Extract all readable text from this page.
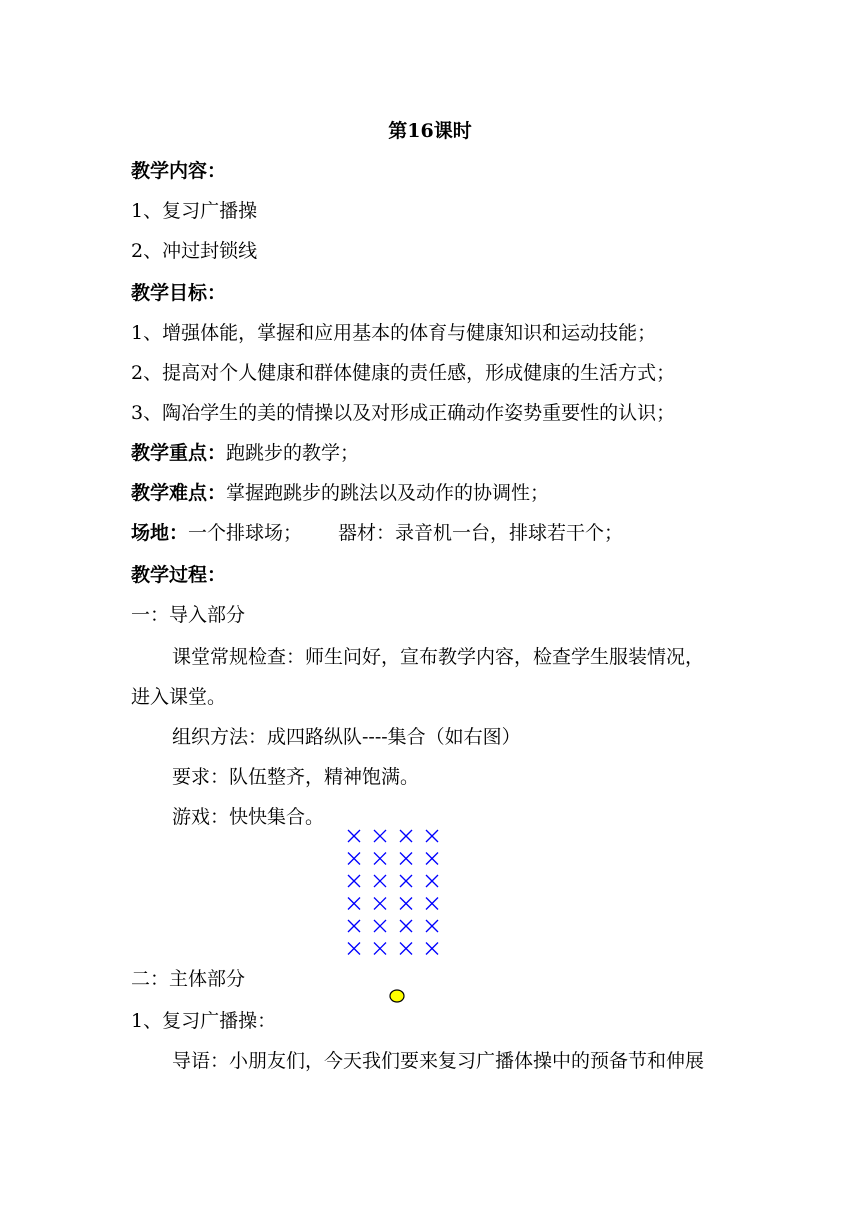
第16课时

教学内容：

1、复习广播操

2、冲过封锁线

教学目标：

1、增强体能，掌握和应用基本的体育与健康知识和运动技能；

2、提高对个人健康和群体健康的责任感，形成健康的生活方式；

3、陶冶学生的美的情操以及对形成正确动作姿势重要性的认识；

教学重点：跑跳步的教学；

教学难点：掌握跑跳步的跳法以及动作的协调性；

场地：一个排球场； 器材：录音机一台，排球若干个；

教学过程：

一：导入部分

课堂常规检查：师生问好，宣布教学内容，检查学生服装情况，

进入课堂。

组织方法：成四路纵队----集合（如右图）

要求：队伍整齐，精神饱满。

游戏：快快集合。

二：主体部分

1、复习广播操：

导语：小朋友们，今天我们要来复习广播体操中的预备节和伸展
